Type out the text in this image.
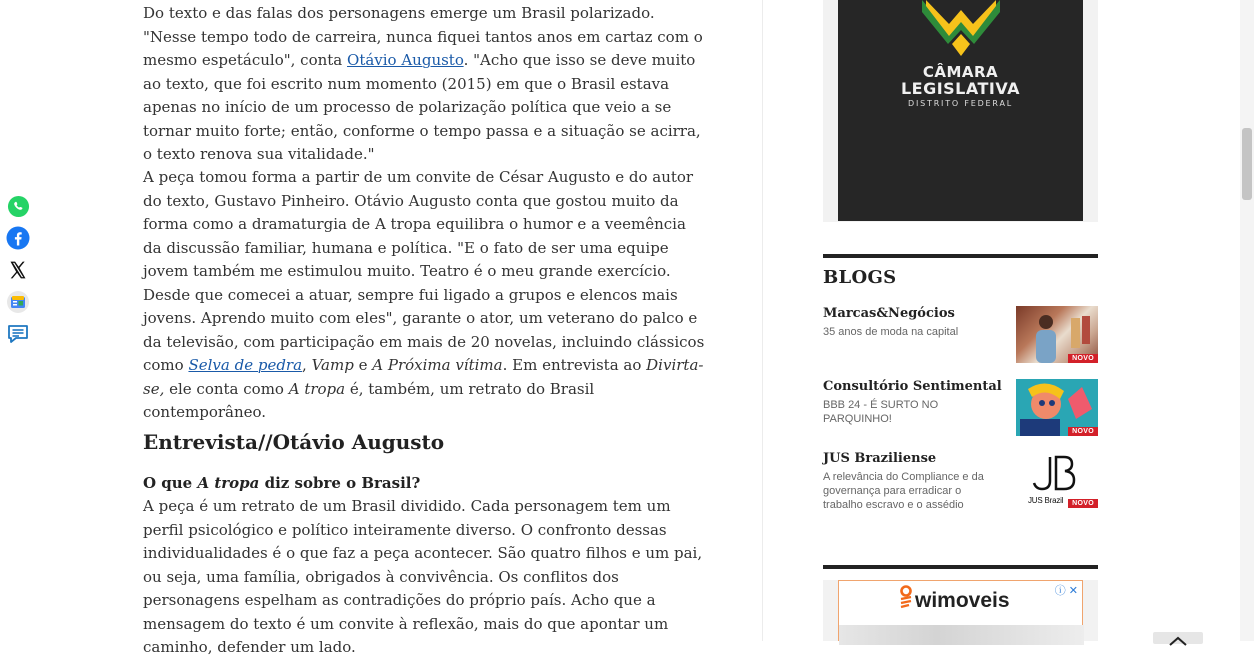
Do texto e das falas dos personagens emerge um Brasil polarizado. "Nesse tempo todo de carreira, nunca fiquei tantos anos em cartaz com o mesmo espetáculo", conta Otávio Augusto. "Acho que isso se deve muito ao texto, que foi escrito num momento (2015) em que o Brasil estava apenas no início de um processo de polarização política que veio a se tornar muito forte; então, conforme o tempo passa e a situação se acirra, o texto renova sua vitalidade."

A peça tomou forma a partir de um convite de César Augusto e do autor do texto, Gustavo Pinheiro. Otávio Augusto conta que gostou muito da forma como a dramaturgia de A tropa equilibra o humor e a veemência da discussão familiar, humana e política. "E o fato de ser uma equipe jovem também me estimulou muito. Teatro é o meu grande exercício. Desde que comecei a atuar, sempre fui ligado a grupos e elencos mais jovens. Aprendo muito com eles", garante o ator, um veterano do palco e da televisão, com participação em mais de 20 novelas, incluindo clássicos como Selva de pedra, Vamp e A Próxima vítima. Em entrevista ao Divirta-se, ele conta como A tropa é, também, um retrato do Brasil contemporâneo.

Entrevista//Otávio Augusto

O que A tropa diz sobre o Brasil?

A peça é um retrato de um Brasil dividido. Cada personagem tem um perfil psicológico e político inteiramente diverso. O confronto dessas individualidades é o que faz a peça acontecer. São quatro filhos e um pai, ou seja, uma família, obrigados à convivência. Os conflitos dos personagens espelham as contradições do próprio país. Acho que a mensagem do texto é um convite à reflexão, mais do que apontar um caminho, defender um lado.

CÂMARA
LEGISLATIVA
DISTRITO FEDERAL
BLOGS
Marcas&Negócios
35 anos de moda na capital
NOVO
Consultório Sentimental
BBB 24 - É SURTO NO PARQUINHO!
NOVO
JUS Braziliense
A relevância do Compliance e da governança para erradicar o trabalho escravo e o assédio	JUS Brazil	NOVO
wimoveis	ⓘ ✕
